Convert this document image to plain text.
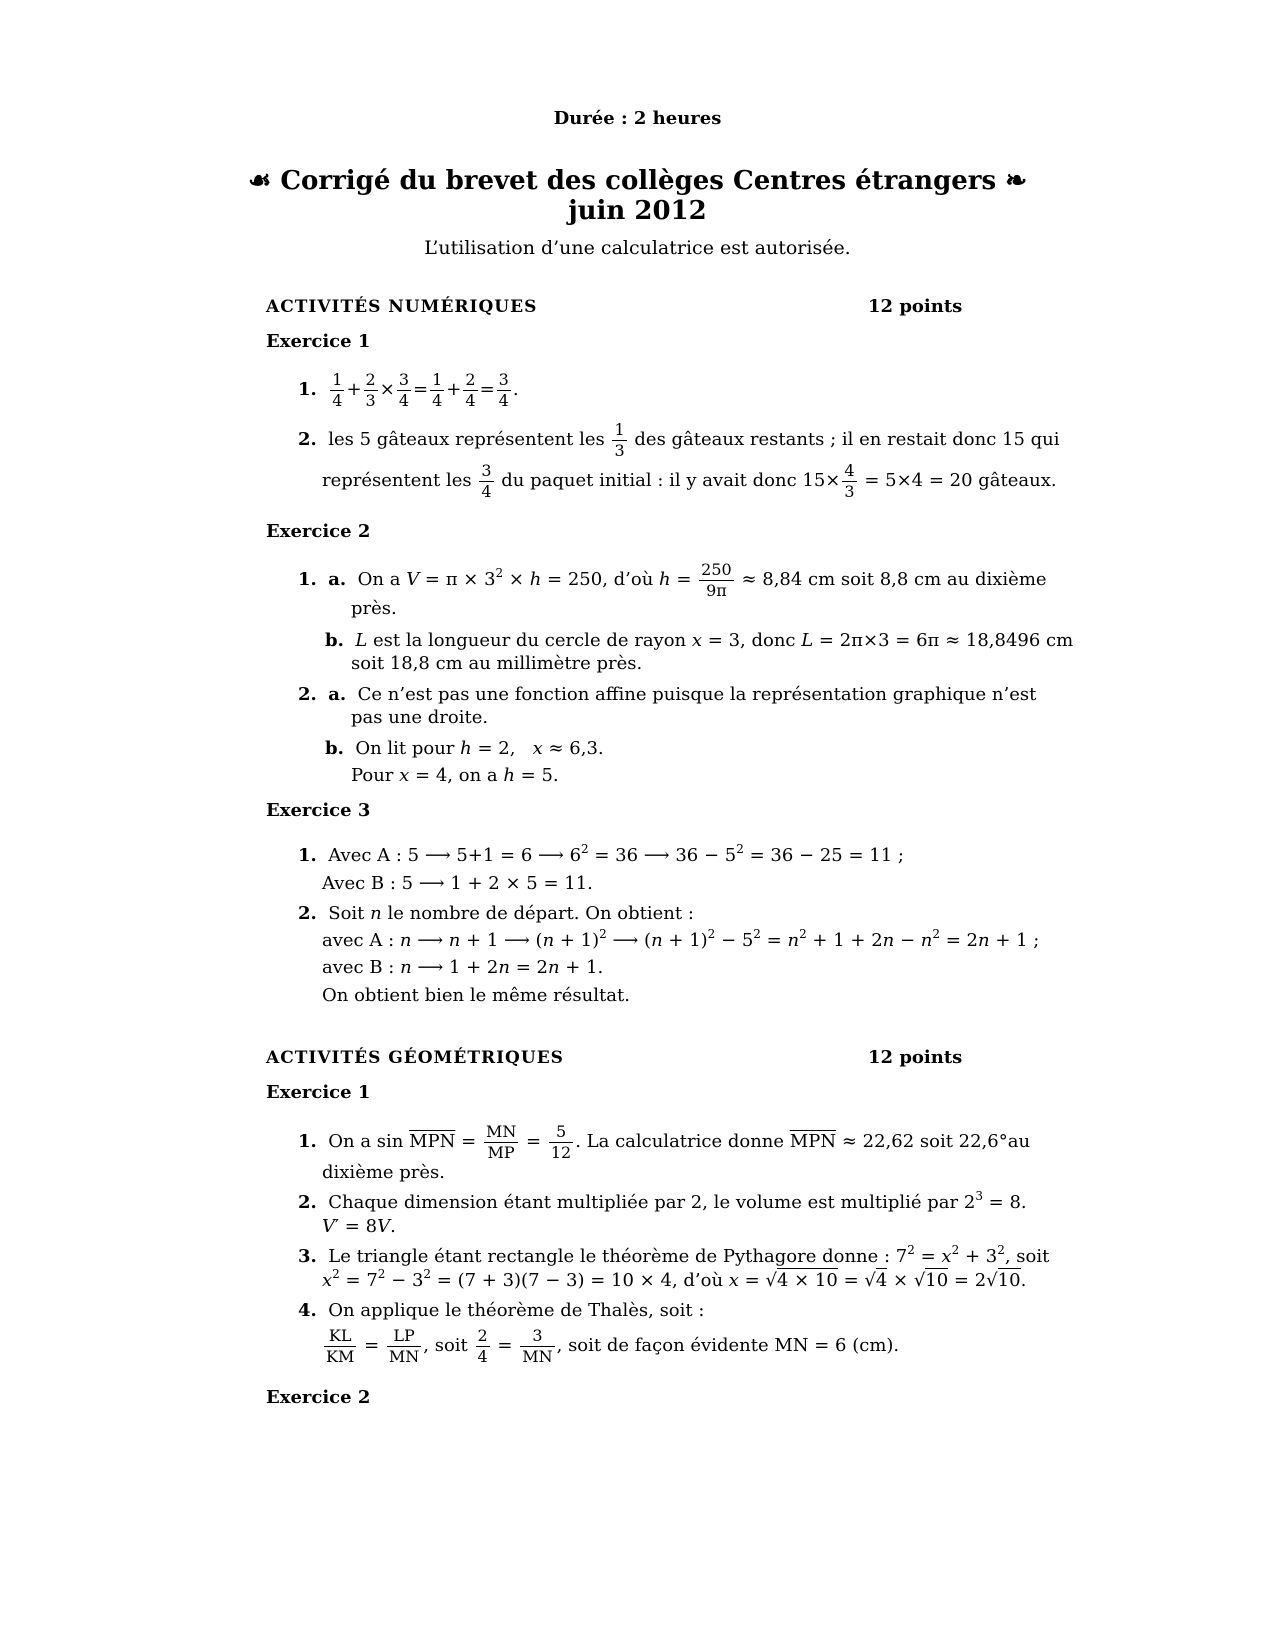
Durée : 2 heures
☙ Corrigé du brevet des collèges Centres étrangers ❧
juin 2012
L’utilisation d’une calculatrice est autorisée.
ACTIVITÉS NUMÉRIQUES	12 points
Exercice 1
1. $\frac{1}{4} + \frac{2}{3} \times \frac{3}{4} = \frac{1}{4} + \frac{2}{4} = \frac{3}{4}$ .
2. les 5 gâteaux représentent les $\frac{1}{3}$ des gâteaux restants ; il en restait donc 15 qui
représentent les $\frac{3}{4}$ du paquet initial : il y avait donc $15\times \frac{4}{3} = 5\times 4 = 20$ gâteaux.
Exercice 2
1. a. On a $V = \pi \times 3^2 \times h = 250$, d’où $h = \frac{250}{9\pi} \approx 8,84$ cm soit 8,8 cm au dixième
près.
b. L est la longueur du cercle de rayon x = 3, donc L = 2π×3 = 6π ≈ 18,8496 cm
soit 18,8 cm au millimètre près.
2. a. Ce n’est pas une fonction affine puisque la représentation graphique n’est
pas une droite.
b. On lit pour h = 2,   x ≈ 6,3.
Pour x = 4, on a h = 5.
Exercice 3
1. Avec A : 5 ⟶ 5+1 = 6 ⟶ $6^2 = 36$ ⟶ $36 - 5^2 = 36 - 25 = 11$ ;
Avec B : 5 ⟶ 1 + 2 × 5 = 11.
2. Soit n le nombre de départ. On obtient :
avec A : n ⟶ n + 1 ⟶ $(n + 1)^2$ ⟶ $(n + 1)^2 - 5^2 = n^2 + 1 + 2n - n^2 = 2n + 1$ ;
avec B : n ⟶ 1 + 2n = 2n + 1.
On obtient bien le même résultat.
ACTIVITÉS GÉOMÉTRIQUES	12 points
Exercice 1
1. On a $\sin \overline{MPN} = \frac{MN}{MP} = \frac{5}{12}$ . La calculatrice donne $\overline{MPN} \approx 22,62$ soit 22,6°au
dixième près.
2. Chaque dimension étant multipliée par 2, le volume est multiplié par $2^3 = 8$.
V′ = 8V.
3. Le triangle étant rectangle le théorème de Pythagore donne : $7^2 = x^2 + 3^2$, soit
$x^2 = 7^2 - 3^2 = (7 + 3)(7 - 3) = 10 \times 4$, d’où x = √4 × 10 = √4 × √10 = 2√10.
4. On applique le théorème de Thalès, soit :
$\frac{KL}{KM} = \frac{LP}{MN}$ , soit $\frac{2}{4} = \frac{3}{MN}$ , soit de façon évidente MN = 6 (cm).
Exercice 2
